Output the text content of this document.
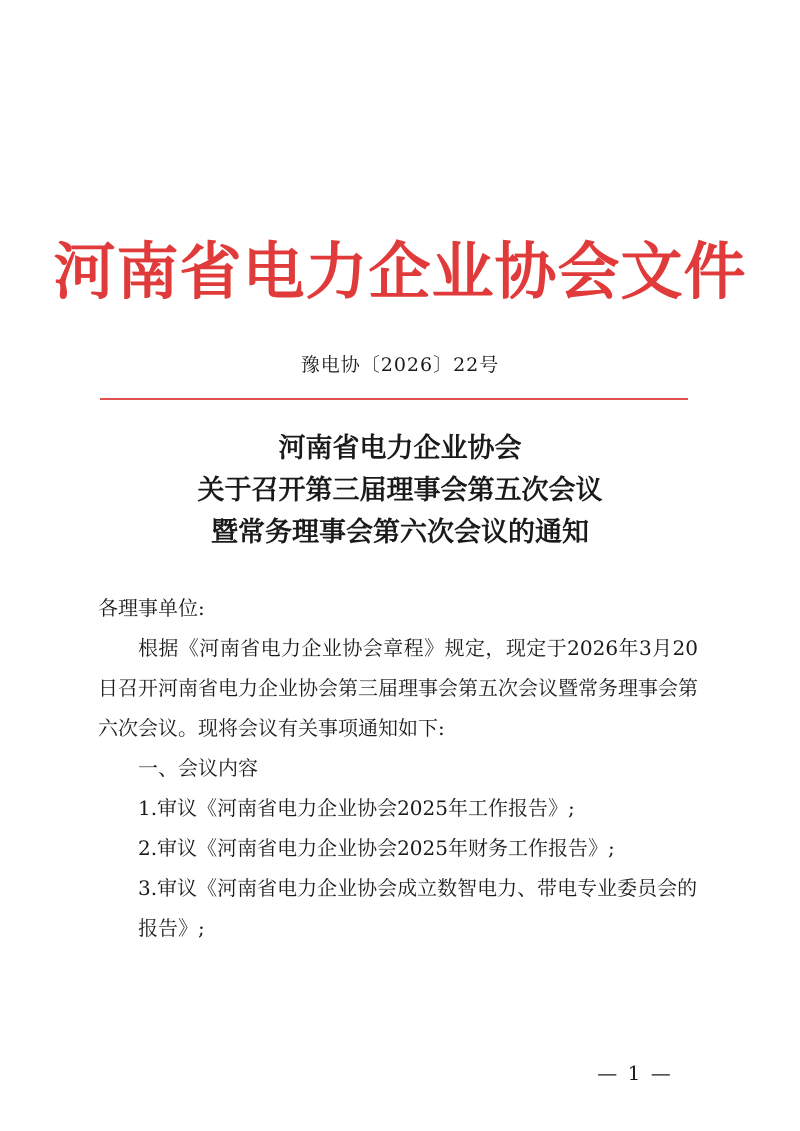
河南省电力企业协会文件
豫电协〔2026〕22号
河南省电力企业协会
关于召开第三届理事会第五次会议
暨常务理事会第六次会议的通知

各理事单位:

根据《河南省电力企业协会章程》规定，现定于2026年3月20日召开河南省电力企业协会第三届理事会第五次会议暨常务理事会第六次会议。现将会议有关事项通知如下:

一、会议内容

1.审议《河南省电力企业协会2025年工作报告》;

2.审议《河南省电力企业协会2025年财务工作报告》;

3.审议《河南省电力企业协会成立数智电力、带电专业委员会的报告》;

— 1 —
